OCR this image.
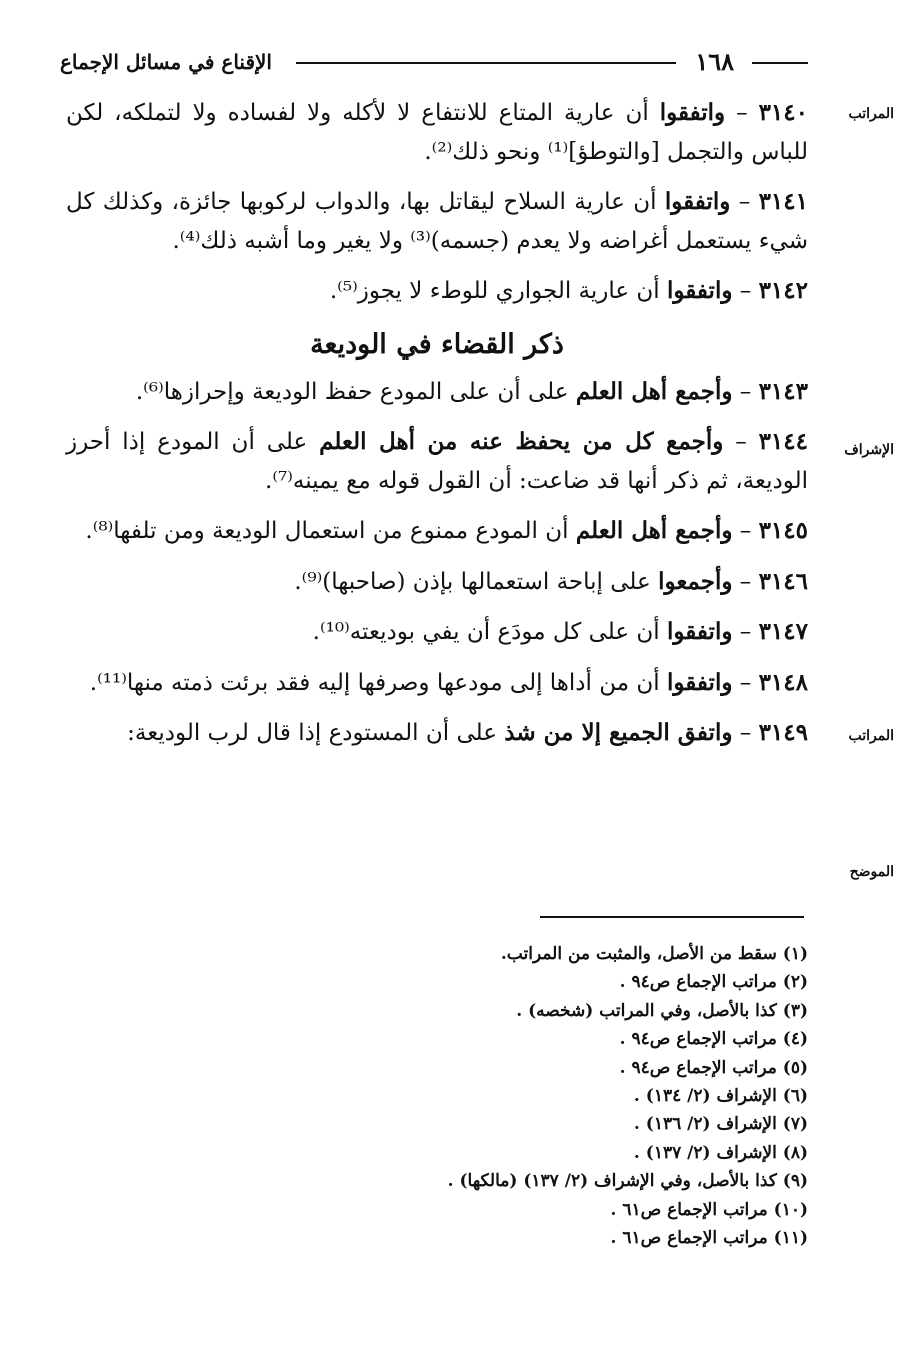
١٦٨
الإقناع في مسائل الإجماع
المراتب
الإشراف
المراتب
الموضح

٣١٤٠ – واتفقوا أن عارية المتاع للانتفاع لا لأكله ولا لفساده ولا لتملكه، لكن للباس والتجمل [والتوطؤ]⁽¹⁾ ونحو ذلك⁽²⁾.

٣١٤١ – واتفقوا أن عارية السلاح ليقاتل بها، والدواب لركوبها جائزة، وكذلك كل شيء يستعمل أغراضه ولا يعدم (جسمه)⁽³⁾ ولا يغير وما أشبه ذلك⁽⁴⁾.

٣١٤٢ – واتفقوا أن عارية الجواري للوطء لا يجوز⁽⁵⁾.

ذكر القضاء في الوديعة

٣١٤٣ – وأجمع أهل العلم على أن على المودع حفظ الوديعة وإحرازها⁽⁶⁾.

٣١٤٤ – وأجمع كل من يحفظ عنه من أهل العلم على أن المودع إذا أحرز الوديعة، ثم ذكر أنها قد ضاعت: أن القول قوله مع يمينه⁽⁷⁾.

٣١٤٥ – وأجمع أهل العلم أن المودع ممنوع من استعمال الوديعة ومن تلفها⁽⁸⁾.

٣١٤٦ – وأجمعوا على إباحة استعمالها بإذن (صاحبها)⁽⁹⁾.

٣١٤٧ – واتفقوا أن على كل مودَع أن يفي بوديعته⁽¹⁰⁾.

٣١٤٨ – واتفقوا أن من أداها إلى مودعها وصرفها إليه فقد برئت ذمته منها⁽¹¹⁾.

٣١٤٩ – واتفق الجميع إلا من شذ على أن المستودع إذا قال لرب الوديعة:

(١) سقط من الأصل، والمثبت من المراتب.
(٢) مراتب الإجماع ص٩٤ .
(٣) كذا بالأصل، وفي المراتب (شخصه) .
(٤) مراتب الإجماع ص٩٤ .
(٥) مراتب الإجماع ص٩٤ .
(٦) الإشراف (٢/ ١٣٤) .
(٧) الإشراف (٢/ ١٣٦) .
(٨) الإشراف (٢/ ١٣٧) .
(٩) كذا بالأصل، وفي الإشراف (٢/ ١٣٧) (مالكها) .
(١٠) مراتب الإجماع ص٦١ .
(١١) مراتب الإجماع ص٦١ .
